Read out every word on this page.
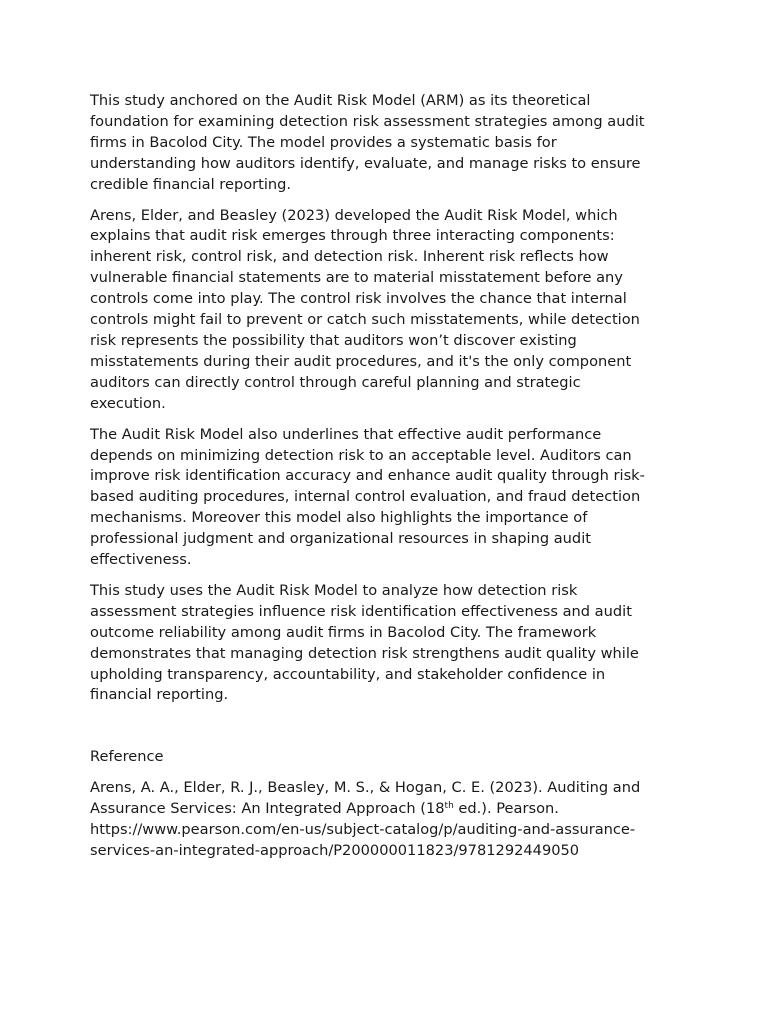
This study anchored on the Audit Risk Model (ARM) as its theoretical
foundation for examining detection risk assessment strategies among audit
firms in Bacolod City. The model provides a systematic basis for
understanding how auditors identify, evaluate, and manage risks to ensure
credible financial reporting.

Arens, Elder, and Beasley (2023) developed the Audit Risk Model, which
explains that audit risk emerges through three interacting components:
inherent risk, control risk, and detection risk. Inherent risk reflects how
vulnerable financial statements are to material misstatement before any
controls come into play. The control risk involves the chance that internal
controls might fail to prevent or catch such misstatements, while detection
risk represents the possibility that auditors won’t discover existing
misstatements during their audit procedures, and it's the only component
auditors can directly control through careful planning and strategic
execution.

The Audit Risk Model also underlines that effective audit performance
depends on minimizing detection risk to an acceptable level. Auditors can
improve risk identification accuracy and enhance audit quality through risk-
based auditing procedures, internal control evaluation, and fraud detection
mechanisms. Moreover this model also highlights the importance of
professional judgment and organizational resources in shaping audit
effectiveness.

This study uses the Audit Risk Model to analyze how detection risk
assessment strategies influence risk identification effectiveness and audit
outcome reliability among audit firms in Bacolod City. The framework
demonstrates that managing detection risk strengthens audit quality while
upholding transparency, accountability, and stakeholder confidence in
financial reporting.

Reference

Arens, A. A., Elder, R. J., Beasley, M. S., & Hogan, C. E. (2023). Auditing and
Assurance Services: An Integrated Approach (18th ed.). Pearson.
https://www.pearson.com/en-us/subject-catalog/p/auditing-and-assurance-
services-an-integrated-approach/P200000011823/9781292449050
